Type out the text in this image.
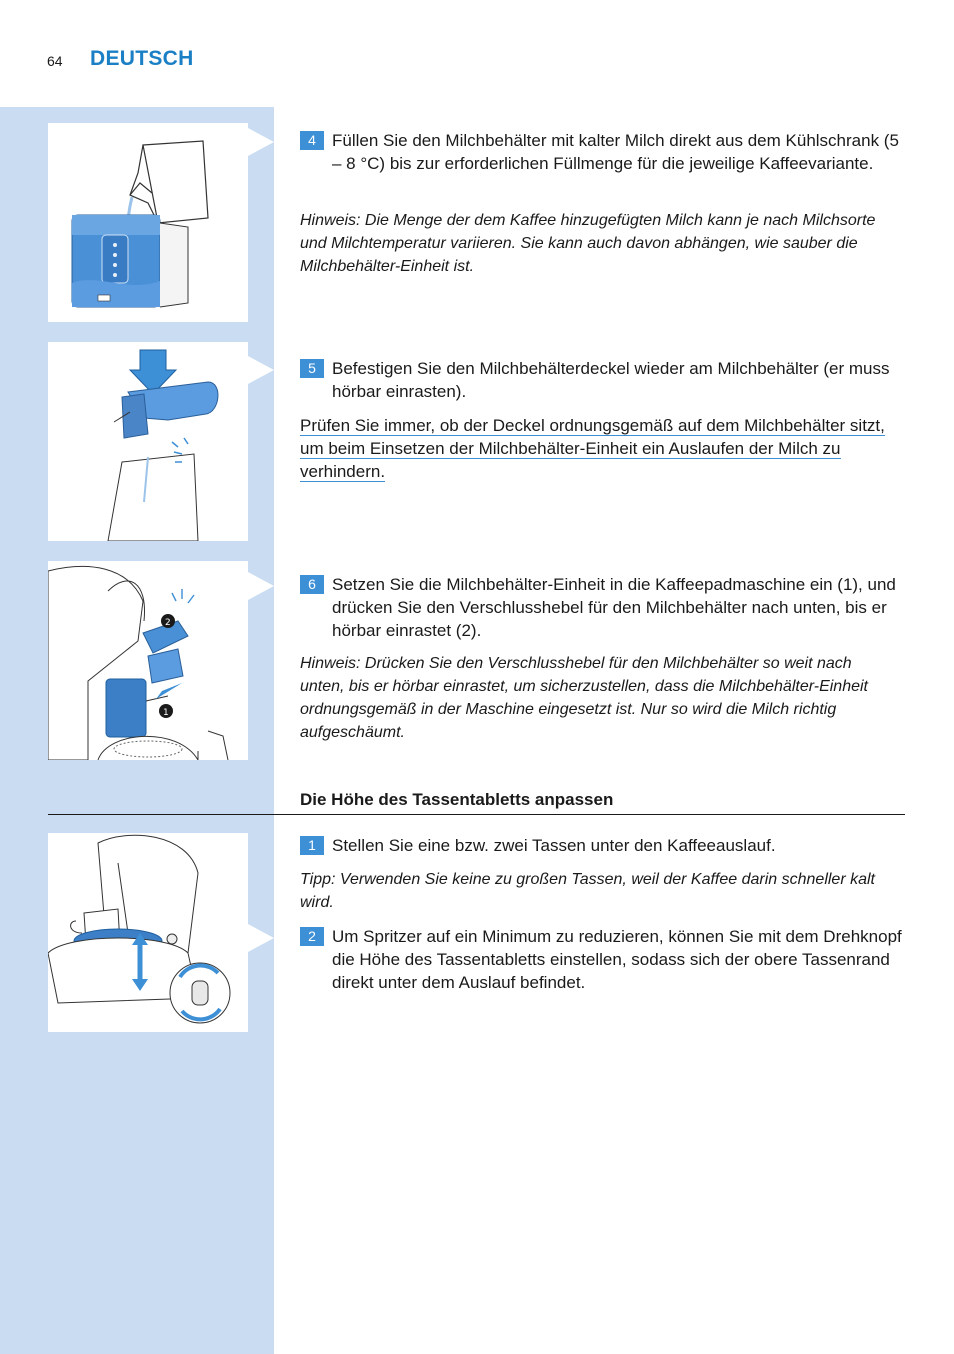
64 DEUTSCH
4 Füllen Sie den Milchbehälter mit kalter Milch direkt aus dem Kühlschrank (5 – 8 °C) bis zur erforderlichen Füllmenge für die jeweilige Kaffeevariante.
Hinweis: Die Menge der dem Kaffee hinzugefügten Milch kann je nach Milchsorte und Milchtemperatur variieren. Sie kann auch davon abhängen, wie sauber die Milchbehälter-Einheit ist.
5 Befestigen Sie den Milchbehälterdeckel wieder am Milchbehälter (er muss hörbar einrasten).
Prüfen Sie immer, ob der Deckel ordnungsgemäß auf dem Milchbehälter sitzt, um beim Einsetzen der Milchbehälter-Einheit ein Auslaufen der Milch zu verhindern.
1
2
6 Setzen Sie die Milchbehälter-Einheit in die Kaffeepadmaschine ein (1), und drücken Sie den Verschlusshebel für den Milchbehälter nach unten, bis er hörbar einrastet (2).
Hinweis: Drücken Sie den Verschlusshebel für den Milchbehälter so weit nach unten, bis er hörbar einrastet, um sicherzustellen, dass die Milchbehälter-Einheit ordnungsgemäß in der Maschine eingesetzt ist. Nur so wird die Milch richtig aufgeschäumt.
Die Höhe des Tassentabletts anpassen
1 Stellen Sie eine bzw. zwei Tassen unter den Kaffeeauslauf.
Tipp: Verwenden Sie keine zu großen Tassen, weil der Kaffee darin schneller kalt wird.
2 Um Spritzer auf ein Minimum zu reduzieren, können Sie mit dem Drehknopf die Höhe des Tassentabletts einstellen, sodass sich der obere Tassenrand direkt unter dem Auslauf befindet.
